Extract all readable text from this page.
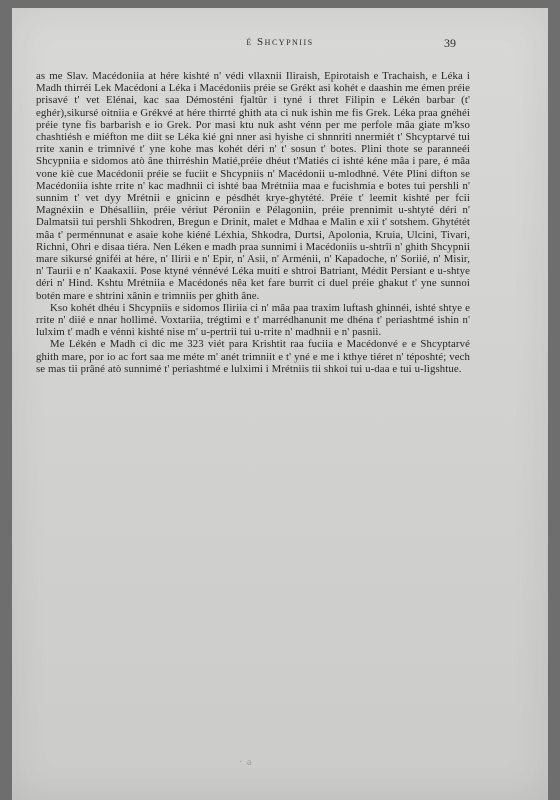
é Shcypniis	39

as me Slav. Macédoniia at hére kishté n' védi vllaxnii Iliraish, Epirotaish e Trachaish, e Léka i Madh thirréi Lek Macédoni a Léka i Macédoniis préie se Grékt asi kohét e daashin me émen préie prisavé t' vet Elénai, kac saa Démosténi fjaltûr i tyné i thret Filipin e Lékén barbar (t' eghér),sikursé oitniia e Grékvé at hére thirrté ghith ata ci nuk ishin me fis Grek. Léka praa gnéhéi préie tyne fis barbarish e io Grek. Por masi ktu nuk asht vénn per me perfole mâa giate m'kso chashtiésh e miéfton me diit se Léka kié gni nner asi hyishe ci shnnriti nnermiét t' Shcyptarvé tui rrite xanin e trimnivé t' yne kohe mas kohét déri n' t' sosun t' botes. Plini thote se paranneéi Shcypniia e sidomos atò âne thirréshin Matié,préie dhéut t'Matiés ci ishté kéne mâa i pare, é mâa vone kiè cue Macédonii préie se fuciit e Shcypniis n' Macédonii u-mlodhné. Véte Plini difton se Macédoniia ishte rrite n' kac madhnii ci ishté baa Mrétniia maa e fucishmia e botes tui pershli n' sunnim t' vet dyy Mrétnii e gnicinn e pésdhét krye-ghytété. Préie t' leemit kishté per fcii Magnéxiin e Dhésalliin, préie vériut Péroniin e Pélagoniin, préie prennimit u-shtyté déri n' Dalmatsii tui pershli Shkodren, Bregun e Drinit, malet e Mdhaa e Malin e xii t' sotshem. Ghytétét mâa t' perménnunat e asaie kohe kiéné Léxhia, Shkodra, Durtsi, Apolonia, Kruia, Ulcini, Tivari, Richni, Ohri e disaa tiéra. Nen Léken e madh praa sunnimi i Macédoniis u-shtrîi n' ghith Shcypnii mare sikursé gniféi at hére, n' Ilirii e n' Epir, n' Asii, n' Arménii, n' Kapadoche, n' Soriié, n' Misir, n' Taurii e n' Kaakaxii. Pose ktyné vénnévé Léka muiti e shtroi Batriant, Médit Persiant e u-shtye déri n' Hind. Kshtu Mrétniia e Macédonés nêa ket fare burrit ci duel préie ghakut t' yne sunnoi botén mare e shtrini xânin e trimniis per ghith âne.

Kso kohét dhéu i Shcypniis e sidomos Iliriia ci n' mâa paa traxim luftash ghinnéi, ishté shtye e rrite n' diié e nnar hollimé. Voxtariia, trégtimi e t' marrédhanunit me dhéna t' periashtmé ishin n' lulxim t' madh e vénni kishté nise m' u-pertrii tui u-rrite n' madhnii e n' pasnii.

Me Lékén e Madh ci dic me 323 viét para Krishtit raa fuciia e Macédonvé e e Shcyptarvé ghith mare, por io ac fort saa me méte m' anét trimniit e t' yné e me i kthye tiéret n' téposhté; vech se mas tii prâné atò sunnimé t' periashtmé e lulximi i Mrétniis tii shkoi tui u-daa e tui u-ligshtue.

· a
